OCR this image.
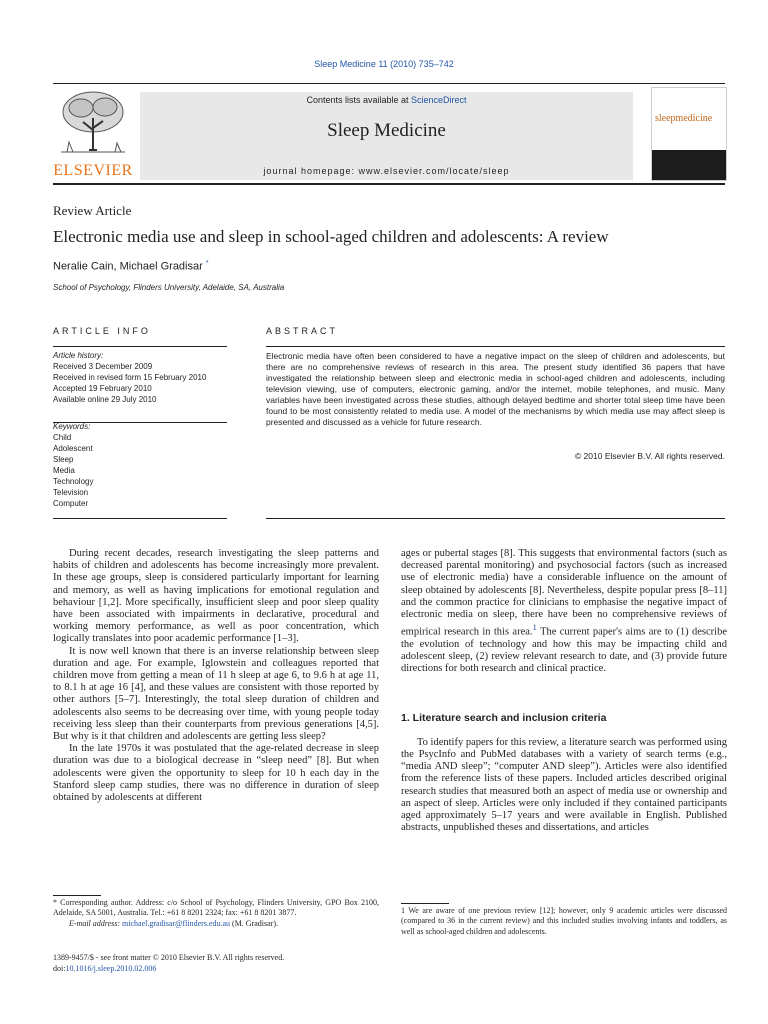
Sleep Medicine 11 (2010) 735–742
ELSEVIER
Contents lists available at ScienceDirect
Sleep Medicine
journal homepage: www.elsevier.com/locate/sleep
sleepmedicine
Review Article
Electronic media use and sleep in school-aged children and adolescents: A review
Neralie Cain, Michael Gradisar *
School of Psychology, Flinders University, Adelaide, SA, Australia
ARTICLE INFO	ABSTRACT
Article history:
Received 3 December 2009
Received in revised form 15 February 2010
Accepted 19 February 2010
Available online 29 July 2010
Keywords:
Child
Adolescent
Sleep
Media
Technology
Television
Computer
Electronic media have often been considered to have a negative impact on the sleep of children and adolescents, but there are no comprehensive reviews of research in this area. The present study identified 36 papers that have investigated the relationship between sleep and electronic media in school-aged children and adolescents, including television viewing, use of computers, electronic gaming, and/or the internet, mobile telephones, and music. Many variables have been investigated across these studies, although delayed bedtime and shorter total sleep time have been found to be most consistently related to media use. A model of the mechanisms by which media use may affect sleep is presented and discussed as a vehicle for future research.
© 2010 Elsevier B.V. All rights reserved.

During recent decades, research investigating the sleep patterns and habits of children and adolescents has become increasingly more prevalent. In these age groups, sleep is considered particularly important for learning and memory, as well as having implications for emotional regulation and behaviour [1,2]. More specifically, insufficient sleep and poor sleep quality have been associated with impairments in declarative, procedural and working memory performance, as well as poor concentration, which logically translates into poor academic performance [1–3].

It is now well known that there is an inverse relationship between sleep duration and age. For example, Iglowstein and colleagues reported that children move from getting a mean of 11 h sleep at age 6, to 9.6 h at age 11, to 8.1 h at age 16 [4], and these values are consistent with those reported by other authors [5–7]. Interestingly, the total sleep duration of children and adolescents also seems to be decreasing over time, with young people today receiving less sleep than their counterparts from previous generations [4,5]. But why is it that children and adolescents are getting less sleep?

In the late 1970s it was postulated that the age-related decrease in sleep duration was due to a biological decrease in “sleep need” [8]. But when adolescents were given the opportunity to sleep for 10 h each day in the Stanford sleep camp studies, there was no difference in duration of sleep obtained by adolescents at different

ages or pubertal stages [8]. This suggests that environmental factors (such as decreased parental monitoring) and psychosocial factors (such as increased use of electronic media) have a considerable influence on the amount of sleep obtained by adolescents [8]. Nevertheless, despite popular press [8–11] and the common practice for clinicians to emphasise the negative impact of electronic media on sleep, there have been no comprehensive reviews of empirical research in this area.$^1$ The current paper's aims are to (1) describe the evolution of technology and how this may be impacting child and adolescent sleep, (2) review relevant research to date, and (3) provide future directions for both research and clinical practice.

1. Literature search and inclusion criteria

To identify papers for this review, a literature search was performed using the PsycInfo and PubMed databases with a variety of search terms (e.g., “media AND sleep”; “computer AND sleep”). Articles were also identified from the reference lists of these papers. Included articles described original research studies that measured both an aspect of media use or ownership and an aspect of sleep. Articles were only included if they contained participants aged approximately 5–17 years and were available in English. Published abstracts, unpublished theses and dissertations, and articles

* Corresponding author. Address: c/o School of Psychology, Flinders University, GPO Box 2100, Adelaide, SA 5001, Australia. Tel.: +61 8 8201 2324; fax: +61 8 8201 3877.

E-mail address: michael.gradisar@flinders.edu.au (M. Gradisar).

1 We are aware of one previous review [12]; however, only 9 academic articles were discussed (compared to 36 in the current review) and this included studies involving infants and toddlers, as well as school-aged children and adolescents.

1389-9457/$ - see front matter © 2010 Elsevier B.V. All rights reserved.
doi:10.1016/j.sleep.2010.02.006
